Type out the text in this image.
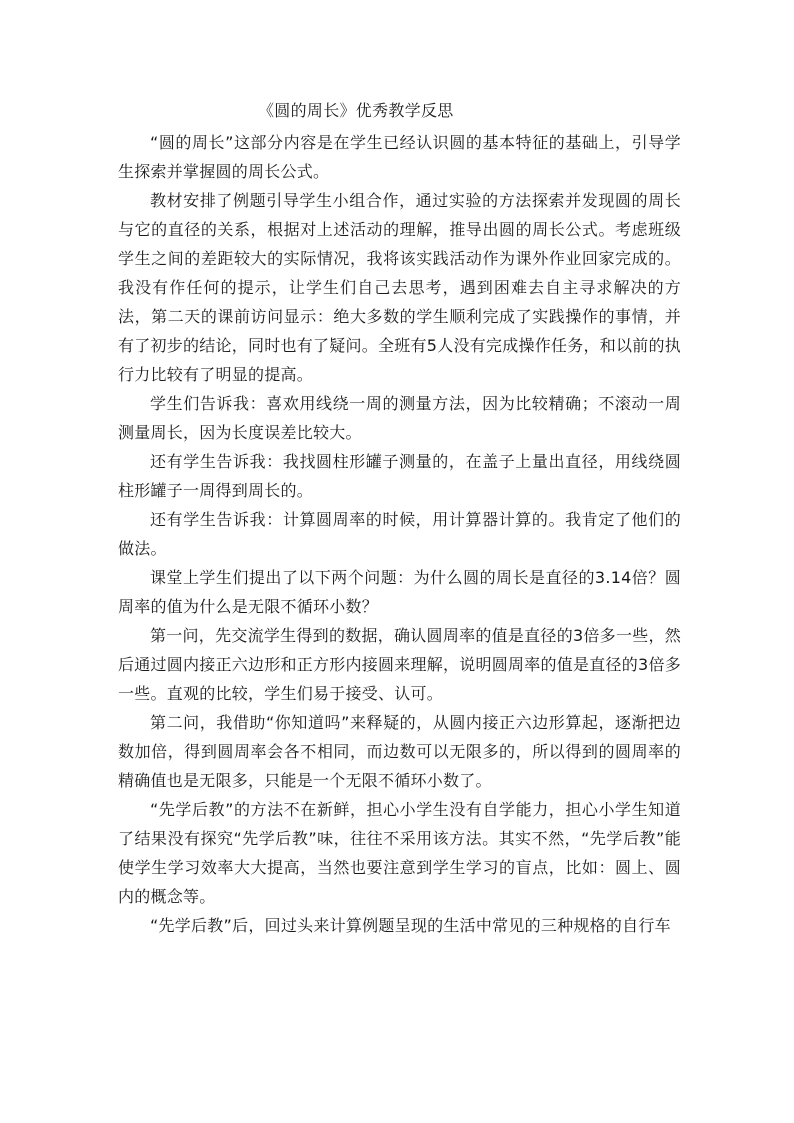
《圆的周长》优秀教学反思

“圆的周长”这部分内容是在学生已经认识圆的基本特征的基础上，引导学生探索并掌握圆的周长公式。

教材安排了例题引导学生小组合作，通过实验的方法探索并发现圆的周长与它的直径的关系，根据对上述活动的理解，推导出圆的周长公式。考虑班级学生之间的差距较大的实际情况，我将该实践活动作为课外作业回家完成的。我没有作任何的提示，让学生们自己去思考，遇到困难去自主寻求解决的方法，第二天的课前访问显示：绝大多数的学生顺利完成了实践操作的事情，并有了初步的结论，同时也有了疑问。全班有5人没有完成操作任务，和以前的执行力比较有了明显的提高。

学生们告诉我：喜欢用线绕一周的测量方法，因为比较精确；不滚动一周测量周长，因为长度误差比较大。

还有学生告诉我：我找圆柱形罐子测量的，在盖子上量出直径，用线绕圆柱形罐子一周得到周长的。

还有学生告诉我：计算圆周率的时候，用计算器计算的。我肯定了他们的做法。

课堂上学生们提出了以下两个问题：为什么圆的周长是直径的3.14倍？圆周率的值为什么是无限不循环小数？

第一问，先交流学生得到的数据，确认圆周率的值是直径的3倍多一些，然后通过圆内接正六边形和正方形内接圆来理解，说明圆周率的值是直径的3倍多一些。直观的比较，学生们易于接受、认可。

第二问，我借助“你知道吗”来释疑的，从圆内接正六边形算起，逐渐把边数加倍，得到圆周率会各不相同，而边数可以无限多的，所以得到的圆周率的精确值也是无限多，只能是一个无限不循环小数了。

“先学后教”的方法不在新鲜，担心小学生没有自学能力，担心小学生知道了结果没有探究“先学后教”味，往往不采用该方法。其实不然，“先学后教”能使学生学习效率大大提高，当然也要注意到学生学习的盲点，比如：圆上、圆内的概念等。

“先学后教”后，回过头来计算例题呈现的生活中常见的三种规格的自行车
